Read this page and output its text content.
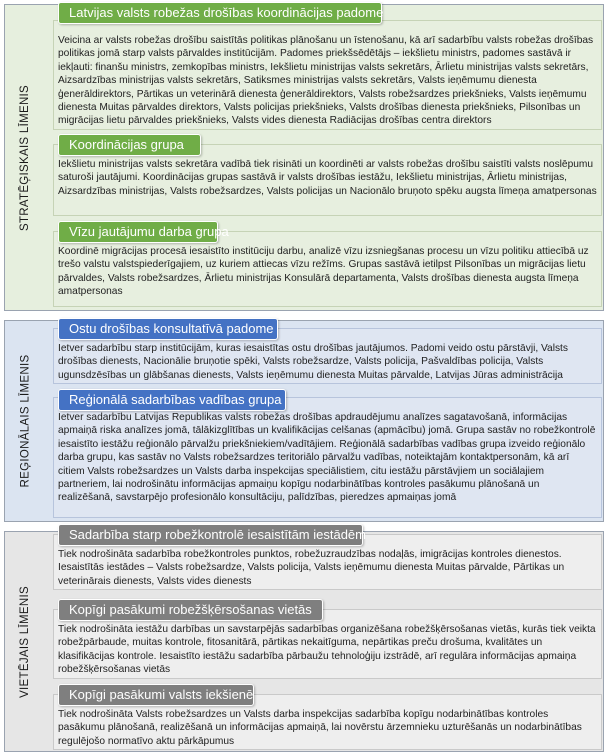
STRATĒĢISKAIS LĪMENIS
REĢIONĀLAIS LĪMENIS
VIETĒJAIS LĪMENIS
Veicina ar valsts robežas drošību saistītās politikas plānošanu un īstenošanu, kā arī sadarbību valsts robežas drošības politikas jomā starp valsts pārvaldes institūcijām. Padomes priekšsēdētājs – iekšlietu ministrs, padomes sastāvā ir iekļauti: finanšu ministrs, zemkopības ministrs, Iekšlietu ministrijas valsts sekretārs, Ārlietu ministrijas valsts sekretārs, Aizsardzības ministrijas valsts sekretārs, Satiksmes ministrijas valsts sekretārs, Valsts ieņēmumu dienesta ģenerāldirektors, Pārtikas un veterinārā dienesta ģenerāldirektors, Valsts robežsardzes priekšnieks, Valsts ieņēmumu dienesta Muitas pārvaldes direktors, Valsts policijas priekšnieks, Valsts drošības dienesta priekšnieks, Pilsonības un migrācijas lietu pārvaldes priekšnieks, Valsts vides dienesta Radiācijas drošības centra direktors
Latvijas valsts robežas drošības koordinācijas padome
Iekšlietu ministrijas valsts sekretāra vadībā tiek risināti un koordinēti ar valsts robežas drošību saistīti valsts noslēpumu saturoši jautājumi. Koordinācijas grupas sastāvā ir valsts drošības iestāžu, Iekšlietu ministrijas, Ārlietu ministrijas, Aizsardzības ministrijas, Valsts robežsardzes, Valsts policijas un Nacionālo bruņoto spēku augsta līmeņa amatpersonas
Koordinācijas grupa
Koordinē migrācijas procesā iesaistīto institūciju darbu, analizē vīzu izsniegšanas procesu un vīzu politiku attiecībā uz trešo valstu valstspiederīgajiem, uz kuriem attiecas vīzu režīms. Grupas sastāvā ietilpst Pilsonības un migrācijas lietu pārvaldes, Valsts robežsardzes, Ārlietu ministrijas Konsulārā departamenta, Valsts drošības dienesta augsta līmeņa amatpersonas
Vīzu jautājumu darba grupa
Ietver sadarbību starp institūcijām, kuras iesaistītas ostu drošības jautājumos. Padomi veido ostu pārstāvji, Valsts drošības dienests, Nacionālie bruņotie spēki, Valsts robežsardze, Valsts policija, Pašvaldības policija, Valsts ugunsdzēsības un glābšanas dienests, Valsts ieņēmumu dienesta Muitas pārvalde, Latvijas Jūras administrācija
Ostu drošības konsultatīvā padome
Ietver sadarbību Latvijas Republikas valsts robežas drošības apdraudējumu analīzes sagatavošanā, informācijas apmaiņā riska analīzes jomā, tālākizglītības un kvalifikācijas celšanas (apmācību) jomā. Grupa sastāv no robežkontrolē iesaistīto iestāžu reģionālo pārvalžu priekšniekiem/vadītājiem. Reģionālā sadarbības vadības grupa izveido reģionālo darba grupu, kas sastāv no Valsts robežsardzes teritoriālo pārvalžu vadības, noteiktajām kontaktpersonām, kā arī citiem Valsts robežsardzes un Valsts darba inspekcijas speciālistiem, citu iestāžu pārstāvjiem un sociālajiem partneriem, lai nodrošinātu informācijas apmaiņu kopīgu nodarbinātības kontroles pasākumu plānošanā un realizēšanā, savstarpējo profesionālo konsultāciju, palīdzības, pieredzes apmaiņas jomā
Reģionālā sadarbības vadības grupa
Tiek nodrošināta sadarbība robežkontroles punktos, robežuzraudzības nodaļās, imigrācijas kontroles dienestos. Iesaistītās iestādes – Valsts robežsardze, Valsts policija, Valsts ieņēmumu dienesta Muitas pārvalde, Pārtikas un veterinārais dienests, Valsts vides dienests
Sadarbība starp robežkontrolē iesaistītām iestādēm
Tiek nodrošināta iestāžu darbības un savstarpējās sadarbības organizēšana robežšķērsošanas vietās, kurās tiek veikta robežpārbaude, muitas kontrole, fitosanitārā, pārtikas nekaitīguma, nepārtikas preču drošuma, kvalitātes un klasifikācijas kontrole. Iesaistīto iestāžu sadarbība pārbaužu tehnoloģiju izstrādē, arī regulāra informācijas apmaiņa robežšķērsošanas vietās
Kopīgi pasākumi robežšķērsošanas vietās
Tiek nodrošināta Valsts robežsardzes un Valsts darba inspekcijas sadarbība kopīgu nodarbinātības kontroles pasākumu plānošanā, realizēšanā un informācijas apmaiņā, lai novērstu ārzemnieku uzturēšanās un nodarbinātības regulējošo normatīvo aktu pārkāpumus
Kopīgi pasākumi valsts iekšienē
